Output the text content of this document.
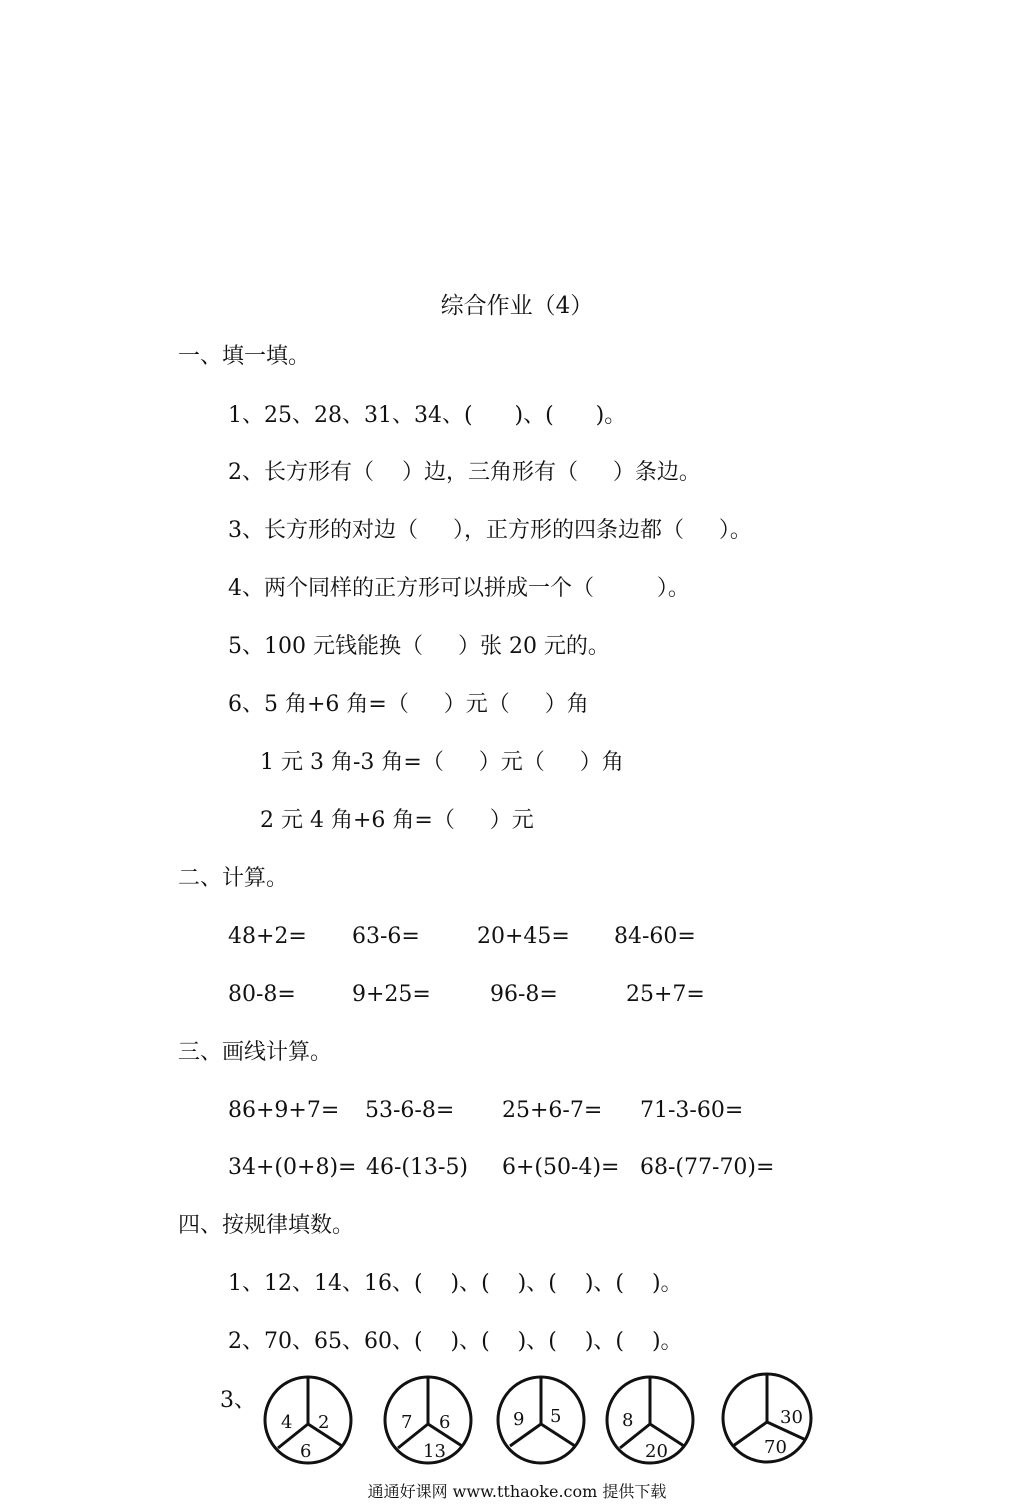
综合作业（4）
一、填一填。
1、25、28、31、34、(      )、(      )。
2、长方形有（    ）边，三角形有（     ）条边。
3、长方形的对边（     ），正方形的四条边都（     ）。
4、两个同样的正方形可以拼成一个（         ）。
5、100 元钱能换（     ）张 20 元的。
6、5 角+6 角=（     ）元（     ）角
1 元 3 角-3 角=（     ）元（     ）角
2 元 4 角+6 角=（     ）元
二、计算。
48+2= 63-6=	20+45= 84-60=
80-8=	9+25=	96-8=	25+7=
三、画线计算。
86+9+7= 53-6-8= 25+6-7= 71-3-60=
34+(0+8)= 46-(13-5) 6+(50-4)= 68-(77-70)=
四、按规律填数。
1、12、14、16、(    )、(    )、(    )、(    )。
2、70、65、60、(    )、(    )、(    )、(    )。
3、
4 2
6
7 6
13
9 5	8
20
30
70
通通好课网 www.tthaoke.com 提供下载
